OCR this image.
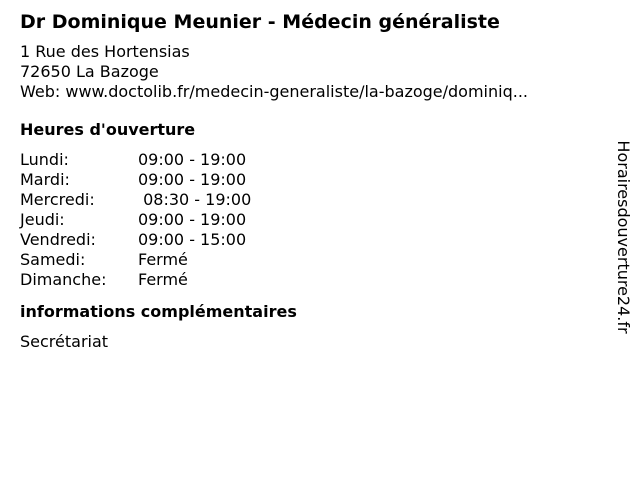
Dr Dominique Meunier - Médecin généraliste
1 Rue des Hortensias
72650 La Bazoge
Web: www.doctolib.fr/medecin-generaliste/la-bazoge/dominiq...
Heures d'ouverture
Lundi:	09:00 - 19:00
Mardi:	09:00 - 19:00
Mercredi:	08:30 - 19:00
Jeudi:	09:00 - 19:00
Vendredi:	09:00 - 15:00
Samedi:	Fermé
Dimanche:	Fermé
informations complémentaires
Secrétariat
Horairesdouverture24.fr
